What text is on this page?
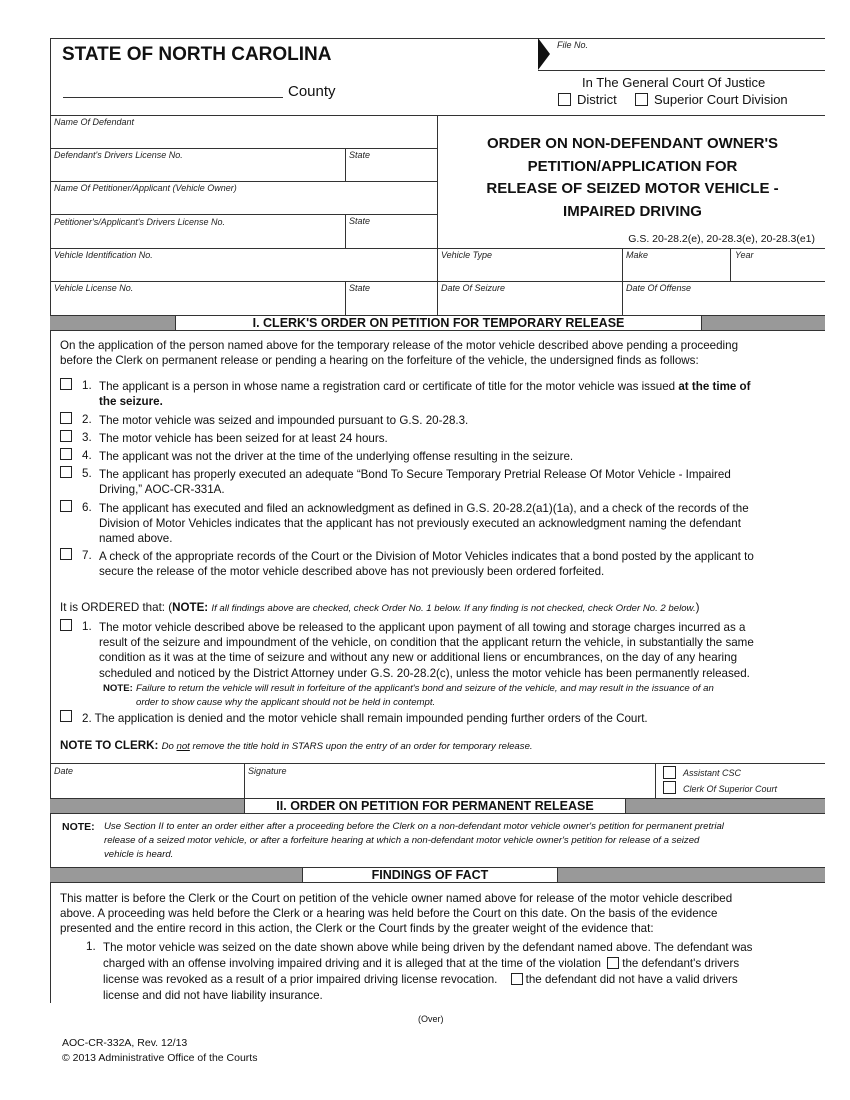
STATE OF NORTH CAROLINA
County
File No.
In The General Court Of Justice
District	Superior Court Division
Name Of Defendant
Defendant's Drivers License No.	State
Name Of Petitioner/Applicant (Vehicle Owner)
Petitioner's/Applicant's Drivers License No.	State
Vehicle Identification No.	Vehicle Type	Make	Year
Vehicle License No.	State	Date Of Seizure	Date Of Offense
ORDER ON NON-DEFENDANT OWNER'S
PETITION/APPLICATION FOR
RELEASE OF SEIZED MOTOR VEHICLE -
IMPAIRED DRIVING
G.S. 20-28.2(e), 20-28.3(e), 20-28.3(e1)
I. CLERK'S ORDER ON PETITION FOR TEMPORARY RELEASE
On the application of the person named above for the temporary release of the motor vehicle described above pending a proceeding
before the Clerk on permanent release or pending a hearing on the forfeiture of the vehicle, the undersigned finds as follows:
1. The applicant is a person in whose name a registration card or certificate of title for the motor vehicle was issued at the time of
the seizure.
2. The motor vehicle was seized and impounded pursuant to G.S. 20-28.3.
3. The motor vehicle has been seized for at least 24 hours.
4. The applicant was not the driver at the time of the underlying offense resulting in the seizure.
5. The applicant has properly executed an adequate “Bond To Secure Temporary Pretrial Release Of Motor Vehicle - Impaired
Driving,” AOC-CR-331A.
6. The applicant has executed and filed an acknowledgment as defined in G.S. 20-28.2(a1)(1a), and a check of the records of the
Division of Motor Vehicles indicates that the applicant has not previously executed an acknowledgment naming the defendant
named above.
7. A check of the appropriate records of the Court or the Division of Motor Vehicles indicates that a bond posted by the applicant to
secure the release of the motor vehicle described above has not previously been ordered forfeited.
It is ORDERED that: (NOTE: If all findings above are checked, check Order No. 1 below. If any finding is not checked, check Order No. 2 below.)
1. The motor vehicle described above be released to the applicant upon payment of all towing and storage charges incurred as a
result of the seizure and impoundment of the vehicle, on condition that the applicant return the vehicle, in substantially the same
condition as it was at the time of seizure and without any new or additional liens or encumbrances, on the day of any hearing
scheduled and noticed by the District Attorney under G.S. 20-28.2(c), unless the motor vehicle has been permanently released.
NOTE: Failure to return the vehicle will result in forfeiture of the applicant's bond and seizure of the vehicle, and may result in the issuance of an
order to show cause why the applicant should not be held in contempt.
2. The application is denied and the motor vehicle shall remain impounded pending further orders of the Court.
NOTE TO CLERK: Do not remove the title hold in STARS upon the entry of an order for temporary release.
Date	Signature	Assistant CSC
Clerk Of Superior Court
II. ORDER ON PETITION FOR PERMANENT RELEASE
NOTE: Use Section II to enter an order either after a proceeding before the Clerk on a non-defendant motor vehicle owner's petition for permanent pretrial
release of a seized motor vehicle, or after a forfeiture hearing at which a non-defendant motor vehicle owner's petition for release of a seized
vehicle is heard.
FINDINGS OF FACT
This matter is before the Clerk or the Court on petition of the vehicle owner named above for release of the motor vehicle described
above. A proceeding was held before the Clerk or a hearing was held before the Court on this date. On the basis of the evidence
presented and the entire record in this action, the Clerk or the Court finds by the greater weight of the evidence that:
1. The motor vehicle was seized on the date shown above while being driven by the defendant named above. The defendant was
charged with an offense involving impaired driving and it is alleged that at the time of the violation the defendant's drivers
license was revoked as a result of a prior impaired driving license revocation. the defendant did not have a valid drivers
license and did not have liability insurance.
(Over)
AOC-CR-332A, Rev. 12/13
© 2013 Administrative Office of the Courts
